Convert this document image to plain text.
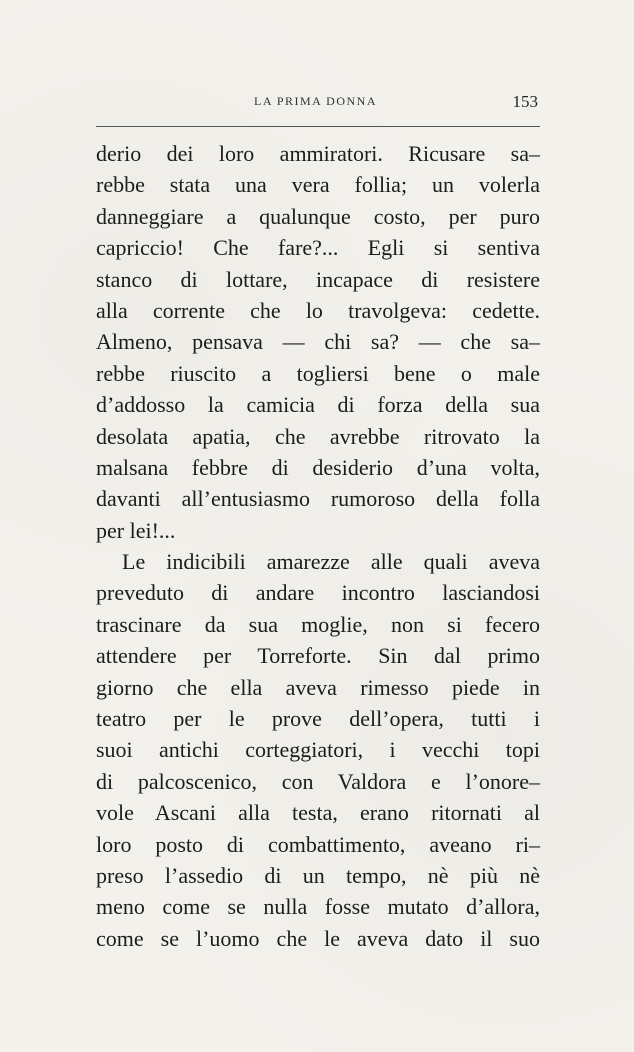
LA PRIMA DONNA	153
derio dei loro ammiratori. Ricusare sa–
rebbe stata una vera follia; un volerla
danneggiare a qualunque costo, per puro
capriccio! Che fare?... Egli si sentiva
stanco di lottare, incapace di resistere
alla corrente che lo travolgeva: cedette.
Almeno, pensava — chi sa? — che sa–
rebbe riuscito a togliersi bene o male
d’addosso la camicia di forza della sua
desolata apatia, che avrebbe ritrovato la
malsana febbre di desiderio d’una volta,
davanti all’entusiasmo rumoroso della folla
per lei!...
Le indicibili amarezze alle quali aveva
preveduto di andare incontro lasciandosi
trascinare da sua moglie, non si fecero
attendere per Torreforte. Sin dal primo
giorno che ella aveva rimesso piede in
teatro per le prove dell’opera, tutti i
suoi antichi corteggiatori, i vecchi topi
di palcoscenico, con Valdora e l’onore–
vole Ascani alla testa, erano ritornati al
loro posto di combattimento, aveano ri–
preso l’assedio di un tempo, nè più nè
meno come se nulla fosse mutato d’allora,
come se l’uomo che le aveva dato il suo
